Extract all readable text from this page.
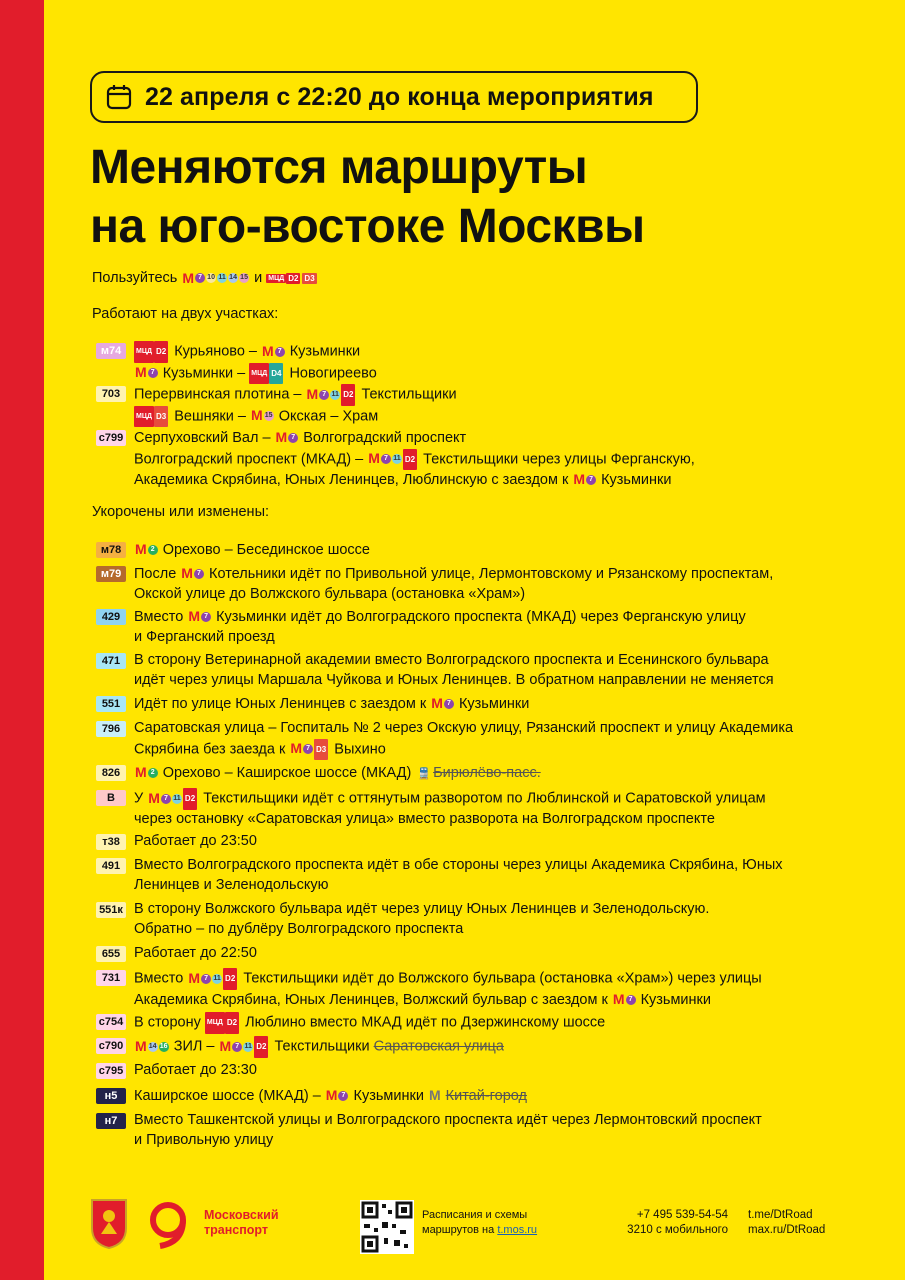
22 апреля с 22:20 до конца мероприятия
Меняются маршруты
на юго-востоке Москвы
Пользуйтесь
М 7 10 11 14 15
и
МЦД D2 D3
Работают на двух участках:
м74	МЦД D2 Курьяново – М 7 Кузьминки
М 7 Кузьминки – МЦД D4 Новогиреево
703 Перервинская плотина – М 7 11 D2 Текстильщики
МЦД D3 Вешняки – М 15 Окская – Храм
с799 Серпуховский Вал – М 7 Волгоградский проспект
Волгоградский проспект (МКАД) – М 7 11 D2 Текстильщики через улицы Ферганскую,
Академика Скрябина, Юных Ленинцев, Люблинскую с заездом к М 7 Кузьминки
Укорочены или изменены:
м78 М 2 Орехово – Бесединское шоссе
м79 После М 7 Котельники идёт по Привольной улице, Лермонтовскому и Рязанскому проспектам,
Окской улице до Волжского бульвара (остановка «Храм»)
429 Вместо М 7 Кузьминки идёт до Волгоградского проспекта (МКАД) через Ферганскую улицу
и Ферганский проезд
471 В сторону Ветеринарной академии вместо Волгоградского проспекта и Есенинского бульвара
идёт через улицы Маршала Чуйкова и Юных Ленинцев. В обратном направлении не меняется
551 Идёт по улице Юных Ленинцев с заездом к М 7 Кузьминки
796 Саратовская улица – Госпиталь № 2 через Окскую улицу, Рязанский проспект и улицу Академика
Скрябина без заезда к М 7 D3 Выхино
826	М 2 Орехово – Каширское шоссе (МКАД) 🚆 Бирюлёво-пасс.
В	У М 7 11 D2 Текстильщики идёт с оттянутым разворотом по Люблинской и Саратовской улицам
через остановку «Саратовская улица» вместо разворота на Волгоградском проспекте
т38 Работает до 23:50
491 Вместо Волгоградского проспекта идёт в обе стороны через улицы Академика Скрябина, Юных
Ленинцев и Зеленодольскую
551к В сторону Волжского бульвара идёт через улицу Юных Ленинцев и Зеленодольскую.
Обратно – по дублёру Волгоградского проспекта
655 Работает до 22:50
731 Вместо М 7 11 D2 Текстильщики идёт до Волжского бульвара (остановка «Храм») через улицы
Академика Скрябина, Юных Ленинцев, Волжский бульвар с заездом к М 7 Кузьминки
с754 В сторону МЦД D2 Люблино вместо МКАД идёт по Дзержинскому шоссе
с790 М 14 16 ЗИЛ – М 7 11 D2 Текстильщики Саратовская улица
с795 Работает до 23:30
н5	Каширское шоссе (МКАД) – М 7 Кузьминки М Китай-город
н7	Вместо Ташкентской улицы и Волгоградского проспекта идёт через Лермонтовский проспект
и Привольную улицу
Московский
транспорт
Расписания и схемы
маршрутов на t.mos.ru
+7 495 539-54-54
3210 с мобильного
t.me/DtRoad
max.ru/DtRoad
